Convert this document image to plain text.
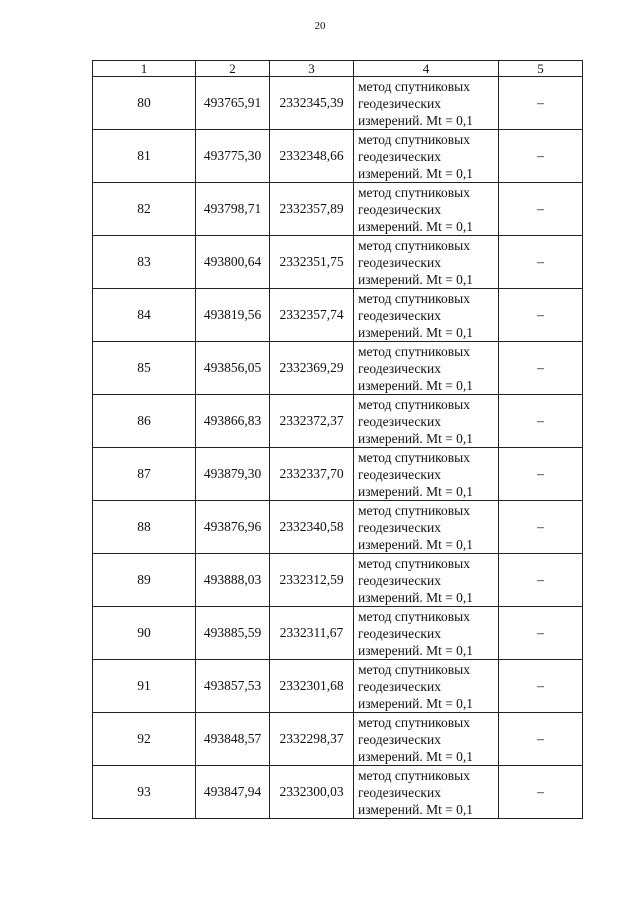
20
1	2	3	4	5
80	493765,91	2332345,39	метод спутниковых
геодезических
измерений. Mt = 0,1	–
81	493775,30	2332348,66	метод спутниковых
геодезических
измерений. Mt = 0,1	–
82	493798,71	2332357,89	метод спутниковых
геодезических
измерений. Mt = 0,1	–
83	493800,64	2332351,75	метод спутниковых
геодезических
измерений. Mt = 0,1	–
84	493819,56	2332357,74	метод спутниковых
геодезических
измерений. Mt = 0,1	–
85	493856,05	2332369,29	метод спутниковых
геодезических
измерений. Mt = 0,1	–
86	493866,83	2332372,37	метод спутниковых
геодезических
измерений. Mt = 0,1	–
87	493879,30	2332337,70	метод спутниковых
геодезических
измерений. Mt = 0,1	–
88	493876,96	2332340,58	метод спутниковых
геодезических
измерений. Mt = 0,1	–
89	493888,03	2332312,59	метод спутниковых
геодезических
измерений. Mt = 0,1	–
90	493885,59	2332311,67	метод спутниковых
геодезических
измерений. Mt = 0,1	–
91	493857,53	2332301,68	метод спутниковых
геодезических
измерений. Mt = 0,1	–
92	493848,57	2332298,37	метод спутниковых
геодезических
измерений. Mt = 0,1	–
93	493847,94	2332300,03	метод спутниковых
геодезических
измерений. Mt = 0,1	–
